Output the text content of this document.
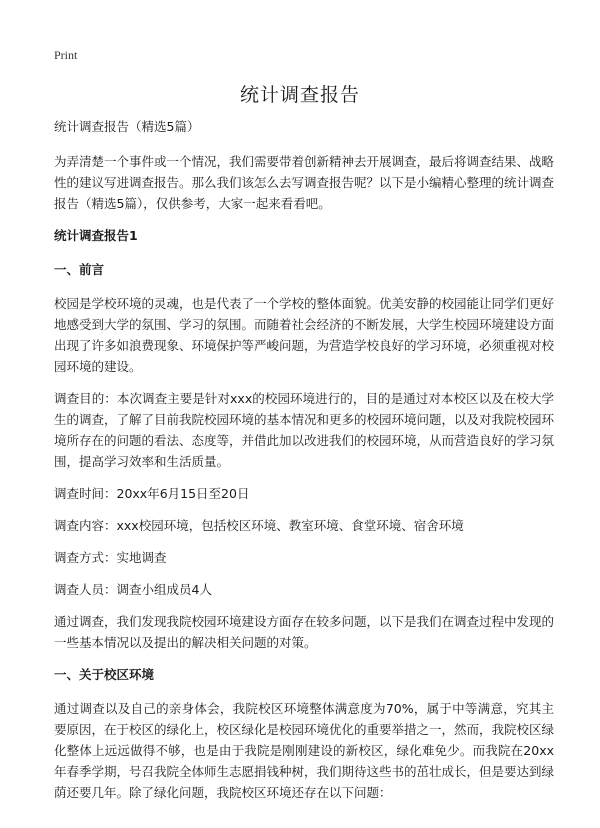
Print
统计调查报告

统计调查报告（精选5篇）

为弄清楚一个事件或一个情况，我们需要带着创新精神去开展调查，最后将调查结果、战略性的建议写进调查报告。那么我们该怎么去写调查报告呢？以下是小编精心整理的统计调查报告（精选5篇），仅供参考，大家一起来看看吧。

统计调查报告1

一、前言

校园是学校环境的灵魂，也是代表了一个学校的整体面貌。优美安静的校园能让同学们更好地感受到大学的氛围、学习的氛围。而随着社会经济的不断发展，大学生校园环境建设方面出现了许多如浪费现象、环境保护等严峻问题，为营造学校良好的学习环境，必须重视对校园环境的建设。

调查目的：本次调查主要是针对xxx的校园环境进行的，目的是通过对本校区以及在校大学生的调查，了解了目前我院校园环境的基本情况和更多的校园环境问题，以及对我院校园环境所存在的问题的看法、态度等，并借此加以改进我们的校园环境，从而营造良好的学习氛围，提高学习效率和生活质量。

调查时间：20xx年6月15日至20日

调查内容：xxx校园环境，包括校区环境、教室环境、食堂环境、宿舍环境

调查方式：实地调查

调查人员：调查小组成员4人

通过调查，我们发现我院校园环境建设方面存在较多问题，以下是我们在调查过程中发现的一些基本情况以及提出的解决相关问题的对策。

一、关于校区环境

通过调查以及自己的亲身体会，我院校区环境整体满意度为70%，属于中等满意，究其主要原因，在于校区的绿化上，校区绿化是校园环境优化的重要举措之一，然而，我院校区绿化整体上远远做得不够，也是由于我院是刚刚建设的新校区，绿化难免少。而我院在20xx年春季学期，号召我院全体师生志愿捐钱种树，我们期待这些书的茁壮成长，但是要达到绿荫还要几年。除了绿化问题，我院校区环境还存在以下问题：
